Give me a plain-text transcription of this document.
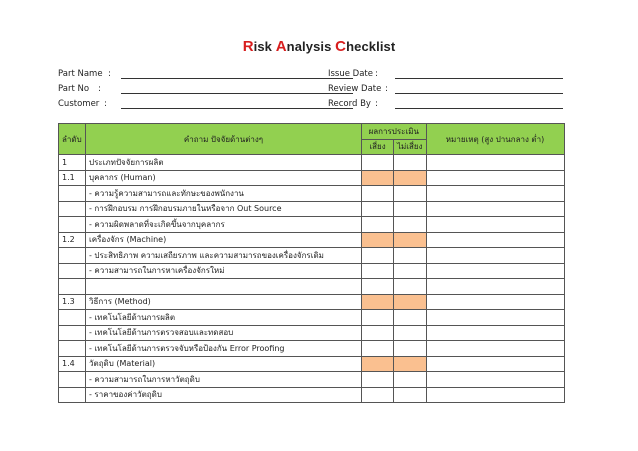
Risk Analysis Checklist
Part Name :
Part No :
Customer :
Issue Date :
Review Date :
Record By :
ลำดับ	คำถาม ปัจจัยด้านต่างๆ	ผลการประเมิน		หมายเหตุ (สูง ปานกลาง ต่ำ)
		เสี่ยง	ไม่เสี่ยง	
1	ประเภทปัจจัยการผลิต			
1.1	บุคลากร (Human)			
	- ความรู้ความสามารถและทักษะของพนักงาน			
	- การฝึกอบรม การฝึกอบรมภายในหรือจาก Out Source			
	- ความผิดพลาดที่จะเกิดขึ้นจากบุคลากร			
1.2	เครื่องจักร (Machine)			
	- ประสิทธิภาพ ความเสถียรภาพ และความสามารถของเครื่องจักรเดิม			
	- ความสามารถในการหาเครื่องจักรใหม่			

1.3	วิธีการ (Method)			
	- เทคโนโลยีด้านการผลิต			
	- เทคโนโลยีด้านการตรวจสอบและทดสอบ			
	- เทคโนโลยีด้านการตรวจจับหรือป้องกัน Error Proofing			
1.4	วัตถุดิบ (Material)			
	- ความสามารถในการหาวัตถุดิบ			
	- ราคาของค่าวัตถุดิบ			
